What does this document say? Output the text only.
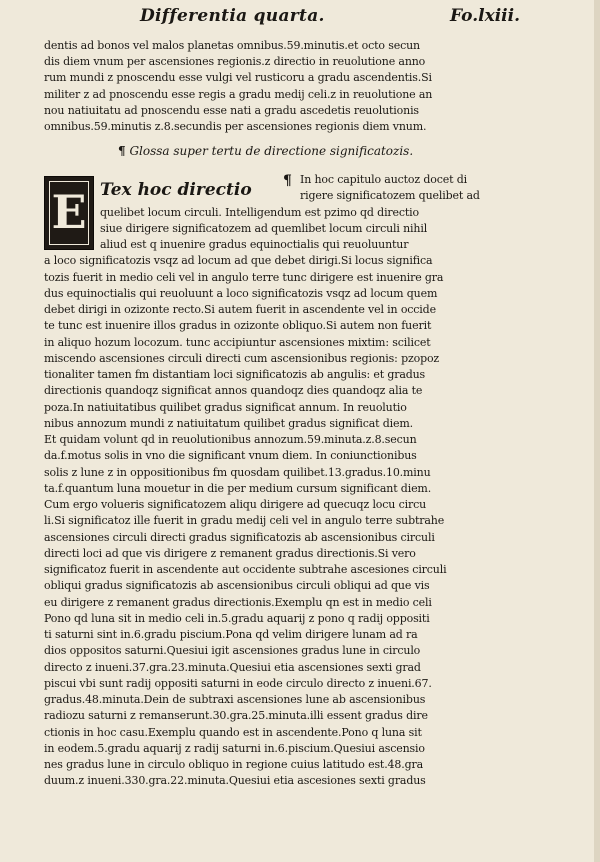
Differentia quarta.	Fo.lxiii.
dentis ad bonos vel malos planetas omnibus.59.minutis.et octo secun
dis diem vnum per ascensiones regionis.z directio in reuolutione anno
rum mundi z pnoscendu esse vulgi vel rusticoru a gradu ascendentis.Si
militer z ad pnoscendu esse regis a gradu medij celi.z in reuolutione an
nou natiuitatu ad pnoscendu esse nati a gradu ascedetis reuolutionis
omnibus.59.minutis z.8.secundis per ascensiones regionis diem vnum.
¶ Glossa super tertu de directione significatozis.
E Tex hoc directio ¶ In hoc capitulo auctoz docet di
rigere significatozem quelibet ad
quelibet locum circuli. Intelligendum est pzimo qd directio
siue dirigere significatozem ad quemlibet locum circuli nihil
aliud est q inuenire gradus equinoctialis qui reuoluuntur
a loco significatozis vsqz ad locum ad que debet dirigi.Si locus significa
tozis fuerit in medio celi vel in angulo terre tunc dirigere est inuenire gra
dus equinoctialis qui reuoluunt a loco significatozis vsqz ad locum quem
debet dirigi in ozizonte recto.Si autem fuerit in ascendente vel in occide
te tunc est inuenire illos gradus in ozizonte obliquo.Si autem non fuerit
in aliquo hozum locozum. tunc accipiuntur ascensiones mixtim: scilicet
miscendo ascensiones circuli directi cum ascensionibus regionis: pzopoz
tionaliter tamen fm distantiam loci significatozis ab angulis: et gradus
directionis quandoqz significat annos quandoqz dies quandoqz alia te
poza.In natiuitatibus quilibet gradus significat annum. In reuolutio
nibus annozum mundi z natiuitatum quilibet gradus significat diem.
Et quidam volunt qd in reuolutionibus annozum.59.minuta.z.8.secun
da.f.motus solis in vno die significant vnum diem. In coniunctionibus
solis z lune z in oppositionibus fm quosdam quilibet.13.gradus.10.minu
ta.f.quantum luna mouetur in die per medium cursum significant diem.
Cum ergo volueris significatozem aliqu dirigere ad quecuqz locu circu
li.Si significatoz ille fuerit in gradu medij celi vel in angulo terre subtrahe
ascensiones circuli directi gradus significatozis ab ascensionibus circuli
directi loci ad que vis dirigere z remanent gradus directionis.Si vero
significatoz fuerit in ascendente aut occidente subtrahe ascesiones circuli
obliqui gradus significatozis ab ascensionibus circuli obliqui ad que vis
eu dirigere z remanent gradus directionis.Exemplu qn est in medio celi
Pono qd luna sit in medio celi in.5.gradu aquarij z pono q radij oppositi
ti saturni sint in.6.gradu piscium.Pona qd velim dirigere lunam ad ra
dios oppositos saturni.Quesiui igit ascensiones gradus lune in circulo
directo z inueni.37.gra.23.minuta.Quesiui etia ascensiones sexti grad
piscui vbi sunt radij oppositi saturni in eode circulo directo z inueni.67.
gradus.48.minuta.Dein de subtraxi ascensiones lune ab ascensionibus
radiozu saturni z remanserunt.30.gra.25.minuta.illi essent gradus dire
ctionis in hoc casu.Exemplu quando est in ascendente.Pono q luna sit
in eodem.5.gradu aquarij z radij saturni in.6.piscium.Quesiui ascensio
nes gradus lune in circulo obliquo in regione cuius latitudo est.48.gra
duum.z inueni.330.gra.22.minuta.Quesiui etia ascesiones sexti gradus
